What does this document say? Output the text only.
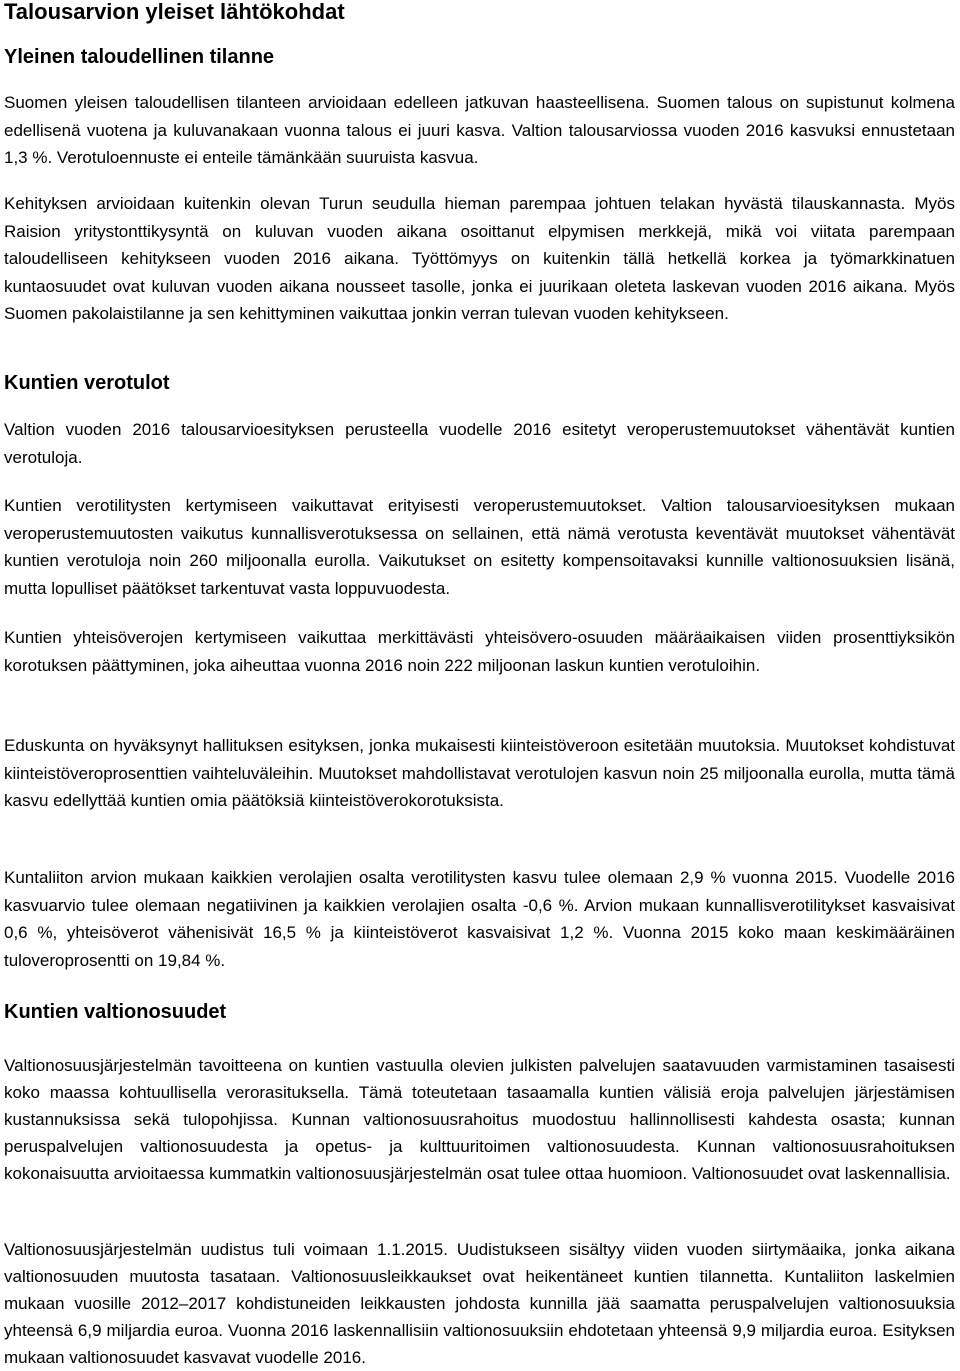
Talousarvion yleiset lähtökohdat
Yleinen taloudellinen tilanne

Suomen yleisen taloudellisen tilanteen arvioidaan edelleen jatkuvan haasteellisena. Suomen talous on supistunut kolmena edellisenä vuotena ja kuluvanakaan vuonna talous ei juuri kasva. Valtion talousarviossa vuoden 2016 kasvuksi ennustetaan 1,3 %. Verotuloennuste ei enteile tämänkään suuruista kasvua.

Kehityksen arvioidaan kuitenkin olevan Turun seudulla hieman parempaa johtuen telakan hyvästä tilauskannasta. Myös Raision yritystonttikysyntä on kuluvan vuoden aikana osoittanut elpymisen merkkejä, mikä voi viitata parempaan taloudelliseen kehitykseen vuoden 2016 aikana. Työttömyys on kuitenkin tällä hetkellä korkea ja työmarkkinatuen kuntaosuudet ovat kuluvan vuoden aikana nousseet tasolle, jonka ei juurikaan oleteta laskevan vuoden 2016 aikana. Myös Suomen pakolaistilanne ja sen kehittyminen vaikuttaa jonkin verran tulevan vuoden kehitykseen.

Kuntien verotulot

Valtion vuoden 2016 talousarvioesityksen perusteella vuodelle 2016 esitetyt veroperustemuutokset vähentävät kuntien verotuloja.

Kuntien verotilitysten kertymiseen vaikuttavat erityisesti veroperustemuutokset. Valtion talousarvioesityksen mukaan veroperustemuutosten vaikutus kunnallisverotuksessa on sellainen, että nämä verotusta keventävät muutokset vähentävät kuntien verotuloja noin 260 miljoonalla eurolla. Vaikutukset on esitetty kompensoitavaksi kunnille valtionosuuksien lisänä, mutta lopulliset päätökset tarkentuvat vasta loppuvuodesta.

Kuntien yhteisöverojen kertymiseen vaikuttaa merkittävästi yhteisövero-osuuden määräaikaisen viiden prosenttiyksikön korotuksen päättyminen, joka aiheuttaa vuonna 2016 noin 222 miljoonan laskun kuntien verotuloihin.

Eduskunta on hyväksynyt hallituksen esityksen, jonka mukaisesti kiinteistöveroon esitetään muutoksia. Muutokset kohdistuvat kiinteistöveroprosenttien vaihteluväleihin. Muutokset mahdollistavat verotulojen kasvun noin 25 miljoonalla eurolla, mutta tämä kasvu edellyttää kuntien omia päätöksiä kiinteistöverokorotuksista.

Kuntaliiton arvion mukaan kaikkien verolajien osalta verotilitysten kasvu tulee olemaan 2,9 % vuonna 2015. Vuodelle 2016 kasvuarvio tulee olemaan negatiivinen ja kaikkien verolajien osalta -0,6 %. Arvion mukaan kunnallisverotilitykset kasvaisivat 0,6 %, yhteisöverot vähenisivät 16,5 % ja kiinteistöverot kasvaisivat 1,2 %. Vuonna 2015 koko maan keskimääräinen tuloveroprosentti on 19,84 %.

Kuntien valtionosuudet

Valtionosuusjärjestelmän tavoitteena on kuntien vastuulla olevien julkisten palvelujen saatavuuden varmistaminen tasaisesti koko maassa kohtuullisella verorasituksella. Tämä toteutetaan tasaamalla kuntien välisiä eroja palvelujen järjestämisen kustannuksissa sekä tulopohjissa. Kunnan valtionosuusrahoitus muodostuu hallinnollisesti kahdesta osasta; kunnan peruspalvelujen valtionosuudesta ja opetus- ja kulttuuritoimen valtionosuudesta. Kunnan valtionosuusrahoituksen kokonaisuutta arvioitaessa kummatkin valtionosuusjärjestelmän osat tulee ottaa huomioon. Valtionosuudet ovat laskennallisia.

Valtionosuusjärjestelmän uudistus tuli voimaan 1.1.2015. Uudistukseen sisältyy viiden vuoden siirtymäaika, jonka aikana valtionosuuden muutosta tasataan. Valtionosuusleikkaukset ovat heikentäneet kuntien tilannetta. Kuntaliiton laskelmien mukaan vuosille 2012–2017 kohdistuneiden leikkausten johdosta kunnilla jää saamatta peruspalvelujen valtionosuuksia yhteensä 6,9 miljardia euroa. Vuonna 2016 laskennallisiin valtionosuuksiin ehdotetaan yhteensä 9,9 miljardia euroa. Esityksen mukaan valtionosuudet kasvavat vuodelle 2016.
